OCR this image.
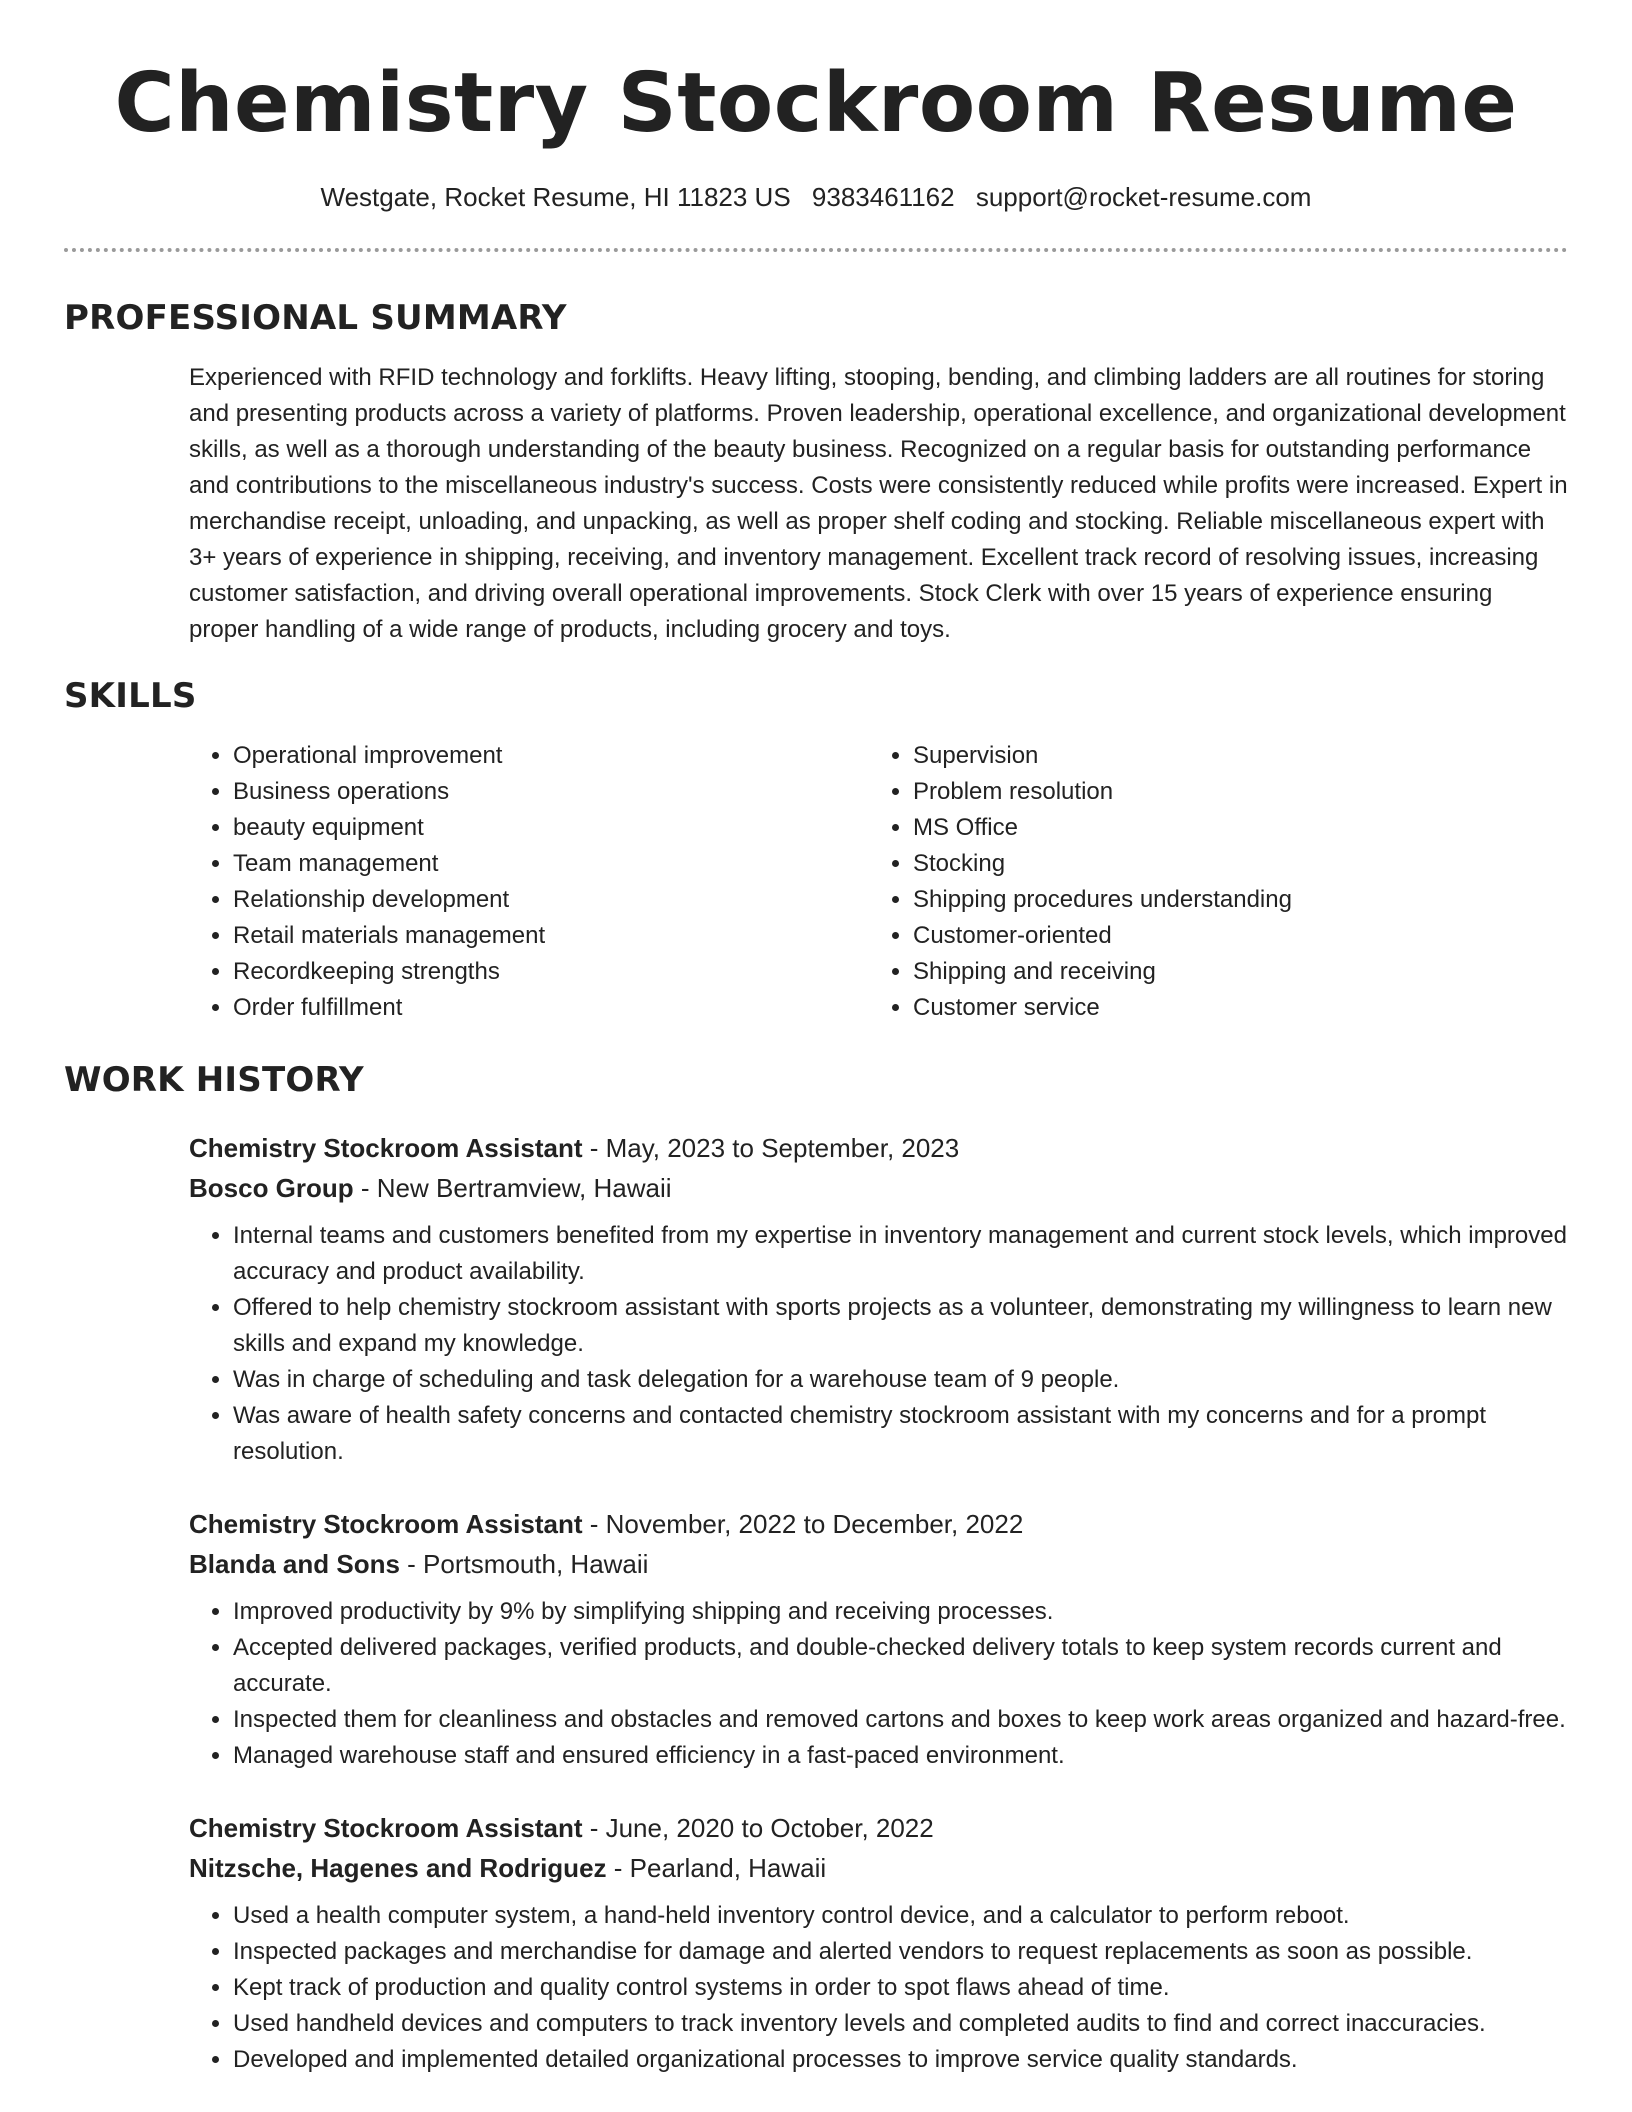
Chemistry Stockroom Resume
Westgate, Rocket Resume, HI 11823 US 9383461162 support@rocket-resume.com
PROFESSIONAL SUMMARY

Experienced with RFID technology and forklifts. Heavy lifting, stooping, bending, and climbing ladders are all routines for storing and presenting products across a variety of platforms. Proven leadership, operational excellence, and organizational development skills, as well as a thorough understanding of the beauty business. Recognized on a regular basis for outstanding performance and contributions to the miscellaneous industry's success. Costs were consistently reduced while profits were increased. Expert in merchandise receipt, unloading, and unpacking, as well as proper shelf coding and stocking. Reliable miscellaneous expert with 3+ years of experience in shipping, receiving, and inventory management. Excellent track record of resolving issues, increasing customer satisfaction, and driving overall operational improvements. Stock Clerk with over 15 years of experience ensuring proper handling of a wide range of products, including grocery and toys.

SKILLS
• Operational improvement
• Business operations
• beauty equipment
• Team management
• Relationship development
• Retail materials management
• Recordkeeping strengths
• Order fulfillment
• Supervision
• Problem resolution
• MS Office
• Stocking
• Shipping procedures understanding
• Customer-oriented
• Shipping and receiving
• Customer service
WORK HISTORY
Chemistry Stockroom Assistant - May, 2023 to September, 2023
Bosco Group - New Bertramview, Hawaii
• Internal teams and customers benefited from my expertise in inventory management and current stock levels, which improved accuracy and product availability.
• Offered to help chemistry stockroom assistant with sports projects as a volunteer, demonstrating my willingness to learn new skills and expand my knowledge.
• Was in charge of scheduling and task delegation for a warehouse team of 9 people.
• Was aware of health safety concerns and contacted chemistry stockroom assistant with my concerns and for a prompt resolution.
Chemistry Stockroom Assistant - November, 2022 to December, 2022
Blanda and Sons - Portsmouth, Hawaii
• Improved productivity by 9% by simplifying shipping and receiving processes.
• Accepted delivered packages, verified products, and double-checked delivery totals to keep system records current and accurate.
• Inspected them for cleanliness and obstacles and removed cartons and boxes to keep work areas organized and hazard-free.
• Managed warehouse staff and ensured efficiency in a fast-paced environment.
Chemistry Stockroom Assistant - June, 2020 to October, 2022
Nitzsche, Hagenes and Rodriguez - Pearland, Hawaii
• Used a health computer system, a hand-held inventory control device, and a calculator to perform reboot.
• Inspected packages and merchandise for damage and alerted vendors to request replacements as soon as possible.
• Kept track of production and quality control systems in order to spot flaws ahead of time.
• Used handheld devices and computers to track inventory levels and completed audits to find and correct inaccuracies.
• Developed and implemented detailed organizational processes to improve service quality standards.
